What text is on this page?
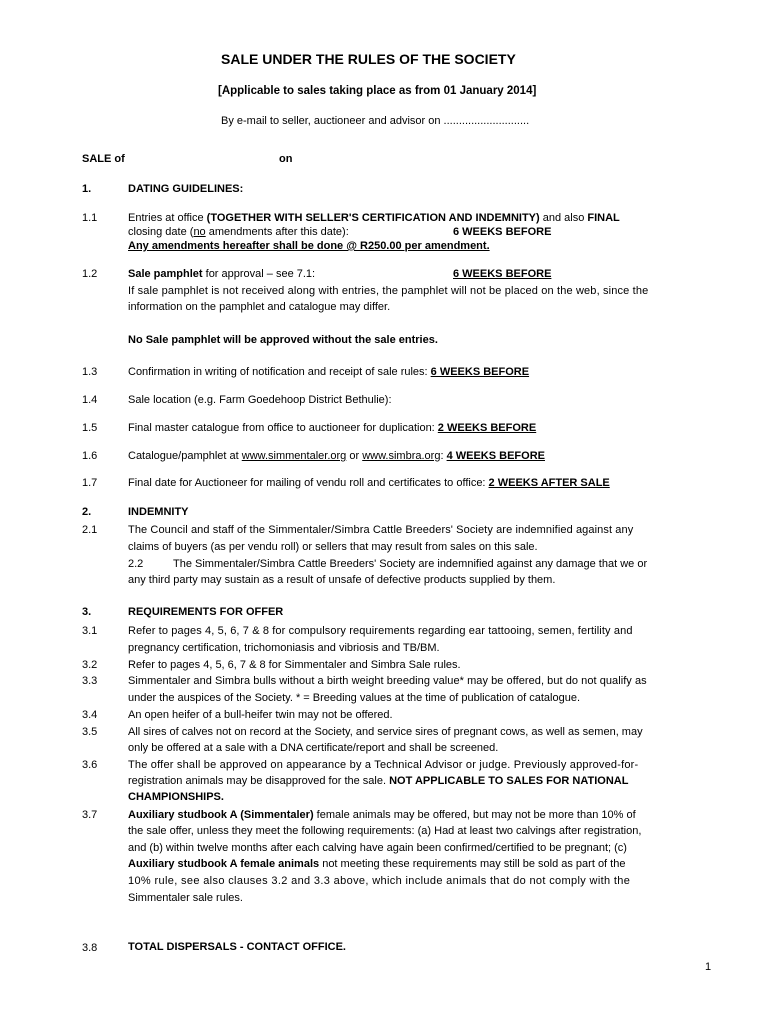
SALE UNDER THE RULES OF THE SOCIETY
[Applicable to sales taking place as from 01 January 2014]
By e-mail to seller, auctioneer and advisor on ............................
SALE of	on
1.	DATING GUIDELINES:
1.1	Entries at office (TOGETHER WITH SELLER'S CERTIFICATION AND INDEMNITY) and also FINAL
closing date (no amendments after this date):	6 WEEKS BEFORE
Any amendments hereafter shall be done @ R250.00 per amendment.
1.2	Sale pamphlet for approval – see 7.1:	6 WEEKS BEFORE
If sale pamphlet is not received along with entries, the pamphlet will not be placed on the web, since the
information on the pamphlet and catalogue may differ.
No Sale pamphlet will be approved without the sale entries.
1.3	Confirmation in writing of notification and receipt of sale rules: 6 WEEKS BEFORE
1.4	Sale location (e.g. Farm Goedehoop District Bethulie):
1.5	Final master catalogue from office to auctioneer for duplication: 2 WEEKS BEFORE
1.6	Catalogue/pamphlet at www.simmentaler.org or www.simbra.org: 4 WEEKS BEFORE
1.7	Final date for Auctioneer for mailing of vendu roll and certificates to office: 2 WEEKS AFTER SALE
2.	INDEMNITY
2.1	The Council and staff of the Simmentaler/Simbra Cattle Breeders' Society are indemnified against any
claims of buyers (as per vendu roll) or sellers that may result from sales on this sale.
2.2	The Simmentaler/Simbra Cattle Breeders' Society are indemnified against any damage that we or
any third party may sustain as a result of unsafe of defective products supplied by them.
3.	REQUIREMENTS FOR OFFER
3.1	Refer to pages 4, 5, 6, 7 & 8 for compulsory requirements regarding ear tattooing, semen, fertility and
pregnancy certification, trichomoniasis and vibriosis and TB/BM.
3.2	Refer to pages 4, 5, 6, 7 & 8 for Simmentaler and Simbra Sale rules.
3.3	Simmentaler and Simbra bulls without a birth weight breeding value* may be offered, but do not qualify as
under the auspices of the Society. * = Breeding values at the time of publication of catalogue.
3.4	An open heifer of a bull-heifer twin may not be offered.
3.5	All sires of calves not on record at the Society, and service sires of pregnant cows, as well as semen, may
only be offered at a sale with a DNA certificate/report and shall be screened.
3.6	The offer shall be approved on appearance by a Technical Advisor or judge. Previously approved-for-
registration animals may be disapproved for the sale. NOT APPLICABLE TO SALES FOR NATIONAL
CHAMPIONSHIPS.
3.7	Auxiliary studbook A (Simmentaler) female animals may be offered, but may not be more than 10% of
the sale offer, unless they meet the following requirements: (a) Had at least two calvings after registration,
and (b) within twelve months after each calving have again been confirmed/certified to be pregnant; (c)
Auxiliary studbook A female animals not meeting these requirements may still be sold as part of the
10% rule, see also clauses 3.2 and 3.3 above, which include animals that do not comply with the
Simmentaler sale rules.
3.8	TOTAL DISPERSALS - CONTACT OFFICE.
1
